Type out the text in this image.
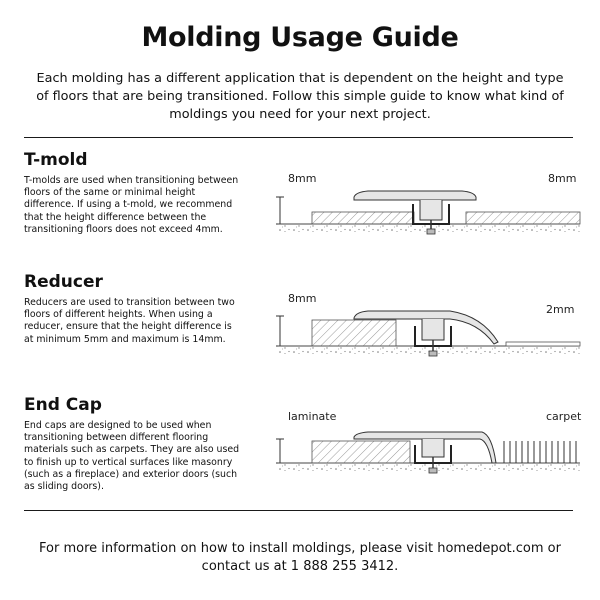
Molding Usage Guide
Each molding has a different application that is dependent on the height and type of floors that are being transitioned. Follow this simple guide to know what kind of moldings you need for your next project.
T-mold
T-molds are used when transitioning between floors of the same or minimal height difference. If using a t-mold, we recommend that the height difference between the transitioning floors does not exceed 4mm.
8mm	8mm
Reducer
Reducers are used to transition between two floors of different heights. When using a reducer, ensure that the height difference is at minimum 5mm and maximum is 14mm.
8mm
2mm
End Cap
End caps are designed to be used when transitioning between different flooring materials such as carpets. They are also used to finish up to vertical surfaces like masonry (such as a fireplace) and exterior doors (such as sliding doors).
laminate	carpet
For more information on how to install moldings, please visit homedepot.com or contact us at 1 888 255 3412.
